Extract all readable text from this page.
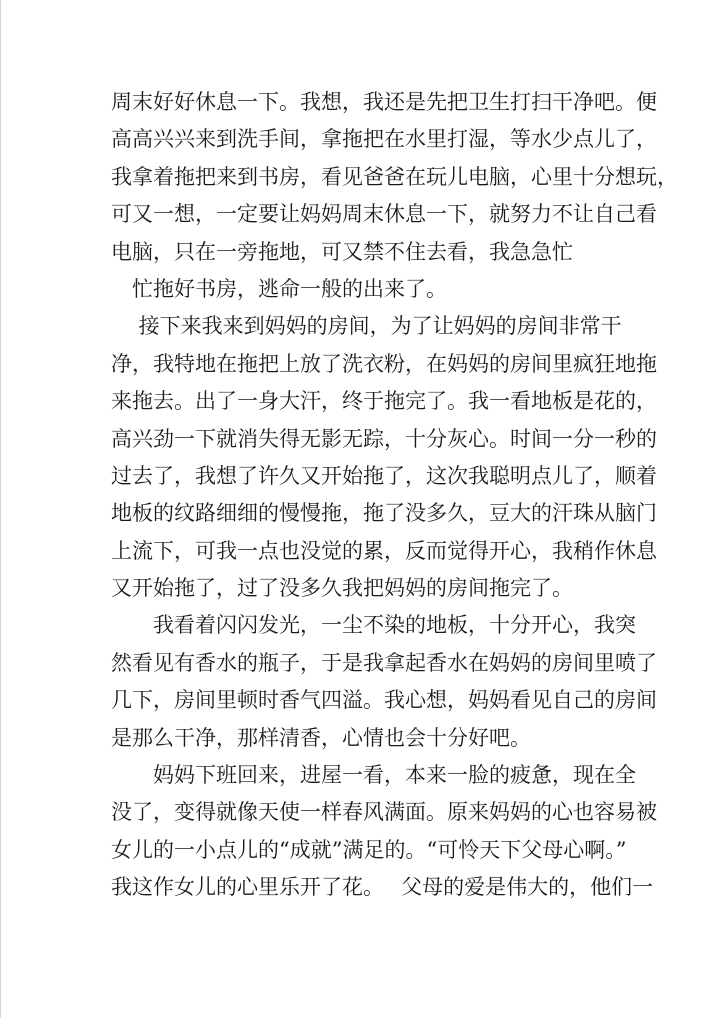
周末好好休息一下。我想，我还是先把卫生打扫干净吧。便
高高兴兴来到洗手间，拿拖把在水里打湿，等水少点儿了，
我拿着拖把来到书房，看见爸爸在玩儿电脑，心里十分想玩，
可又一想，一定要让妈妈周末休息一下，就努力不让自己看
电脑，只在一旁拖地，可又禁不住去看，我急急忙
　忙拖好书房，逃命一般的出来了。
　 接下来我来到妈妈的房间，为了让妈妈的房间非常干
净，我特地在拖把上放了洗衣粉，在妈妈的房间里疯狂地拖
来拖去。出了一身大汗，终于拖完了。我一看地板是花的，
高兴劲一下就消失得无影无踪，十分灰心。时间一分一秒的
过去了，我想了许久又开始拖了，这次我聪明点儿了，顺着
地板的纹路细细的慢慢拖，拖了没多久，豆大的汗珠从脑门
上流下，可我一点也没觉的累，反而觉得开心，我稍作休息
又开始拖了，过了没多久我把妈妈的房间拖完了。
　　我看着闪闪发光，一尘不染的地板，十分开心，我突
然看见有香水的瓶子，于是我拿起香水在妈妈的房间里喷了
几下，房间里顿时香气四溢。我心想，妈妈看见自己的房间
是那么干净，那样清香，心情也会十分好吧。
　　妈妈下班回来，进屋一看，本来一脸的疲惫，现在全
没了，变得就像天使一样春风满面。原来妈妈的心也容易被
女儿的一小点儿的“成就”满足的。“可怜天下父母心啊。”
我这作女儿的心里乐开了花。　 父母的爱是伟大的，他们一
